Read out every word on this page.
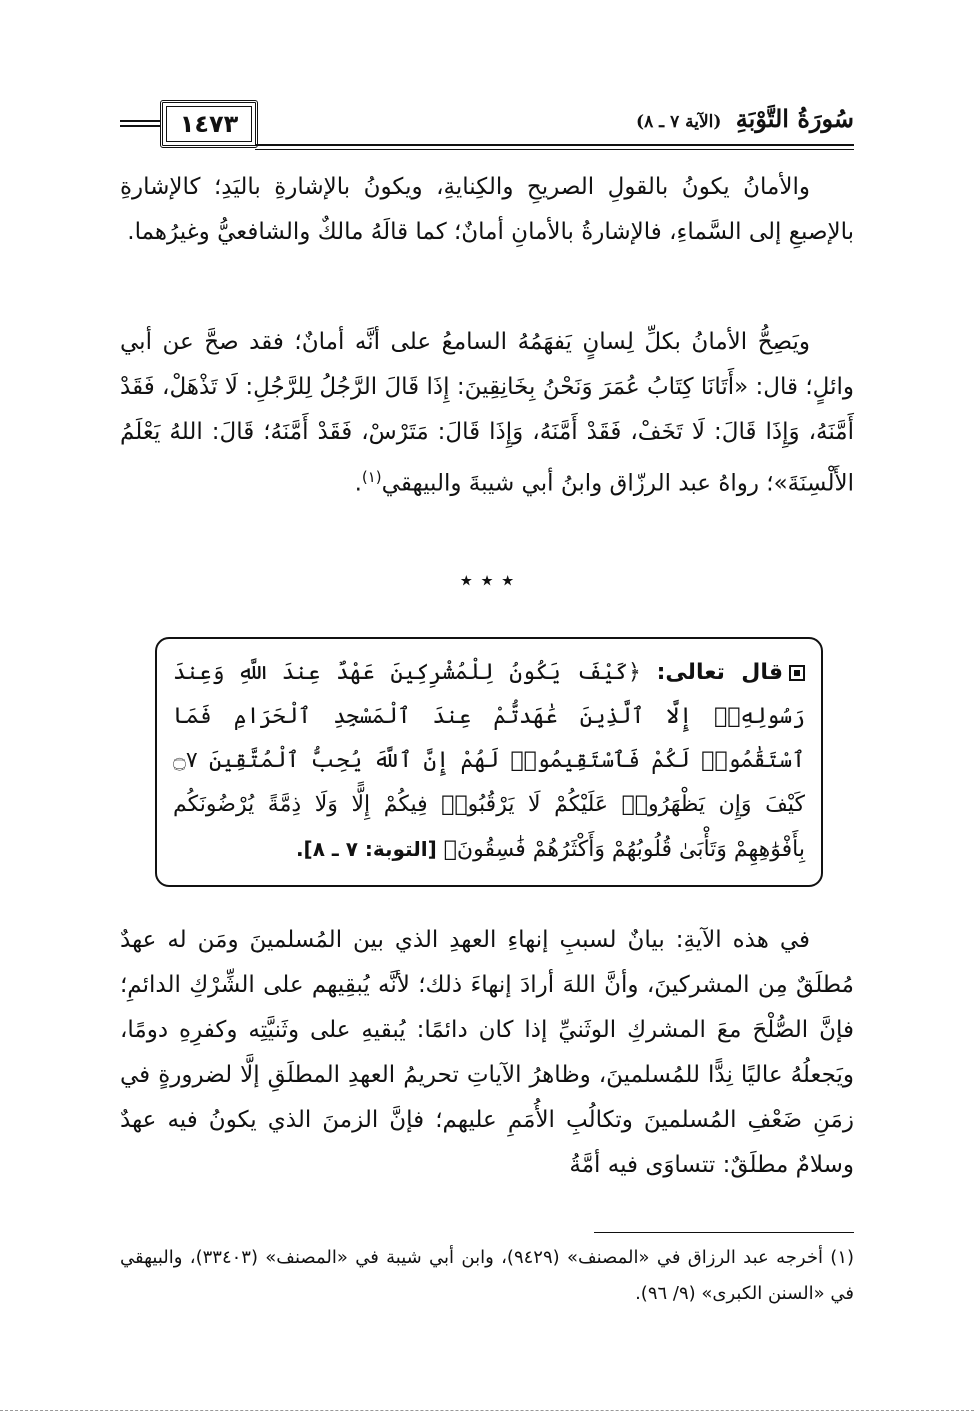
سُورَةُ التَّوْبَةِ (الآية ٧ ـ ٨)
١٤٧٣
والأمانُ يكونُ بالقولِ الصريحِ والكِنايةِ، ويكونُ بالإشارةِ باليَدِ؛ كالإشارةِ بالإصبعِ إلى السَّماءِ، فالإشارةُ بالأمانِ أمانٌ؛ كما قالَهُ مالكٌ والشافعيُّ وغيرُهما.
ويَصِحُّ الأمانُ بكلِّ لِسانٍ يَفهَمُهُ السامعُ على أنَّه أمانٌ؛ فقد صحَّ عن أبي وائلٍ؛ قال: «أَتَانَا كِتَابُ عُمَرَ وَنَحْنُ بِخَانِقِينَ: إِذَا قَالَ الرَّجُلُ لِلرَّجُلِ: لَا تَذْهَلْ، فَقَدْ أَمَّنَهُ، وَإِذَا قَالَ: لَا تَخَفْ، فَقَدْ أَمَّنَهُ، وَإِذَا قَالَ: مَتَرْسْ، فَقَدْ أَمَّنَهُ؛ قَالَ: اللهُ يَعْلَمُ الأَلْسِنَةَ»؛ رواهُ عبد الرزّاق وابنُ أبي شيبةَ والبيهقي$^{(١)}$.
٭ ٭ ٭
قال تعالى: ﴿كَيْفَ يَكُونُ لِلْمُشْرِكِينَ عَهْدٌ عِندَ اللَّهِ وَعِندَ رَسُولِهِۦٓ إِلَّا ٱلَّذِينَ عَٰهَدتُّمْ عِندَ ٱلْمَسْجِدِ ٱلْحَرَامِ فَمَا ٱسْتَقَٰمُوا۟ لَكُمْ فَٱسْتَقِيمُوا۟ لَهُمْ إِنَّ ٱللَّهَ يُحِبُّ ٱلْمُتَّقِينَ ۝٧ كَيْفَ وَإِن يَظْهَرُوا۟ عَلَيْكُمْ لَا يَرْقُبُوا۟ فِيكُمْ إِلًّا وَلَا ذِمَّةً يُرْضُونَكُم بِأَفْوَٰهِهِمْ وَتَأْبَىٰ قُلُوبُهُمْ وَأَكْثَرُهُمْ فَٰسِقُونَ﴾ [التوبة: ٧ ـ ٨].
في هذه الآيةِ: بيانٌ لسببِ إنهاءِ العهدِ الذي بين المُسلمينَ ومَن له عهدٌ مُطلَقٌ مِن المشركينَ، وأنَّ اللهَ أرادَ إنهاءَ ذلك؛ لأنَّه يُبقِيهم على الشِّرْكِ الدائمِ؛ فإنَّ الصُّلْحَ معَ المشركِ الوثَنيِّ إذا كان دائمًا: يُبقيهِ على وثَنيَّتِه وكفرِهِ دومًا، ويَجعلُهُ عاليًا نِدًّا للمُسلمينَ، وظاهرُ الآياتِ تحريمُ العهدِ المطلَقِ إلَّا لضرورةٍ في زمَنِ ضَعْفِ المُسلمينَ وتكالُبِ الأُمَمِ عليهم؛ فإنَّ الزمنَ الذي يكونُ فيه عهدٌ وسلامٌ مطلَقٌ: تتساوَى فيه أمَّةُ
(١) أخرجه عبد الرزاق في «المصنف» (٩٤٢٩)، وابن أبي شيبة في «المصنف» (٣٣٤٠٣)، والبيهقي في «السنن الكبرى» (٩/ ٩٦).
